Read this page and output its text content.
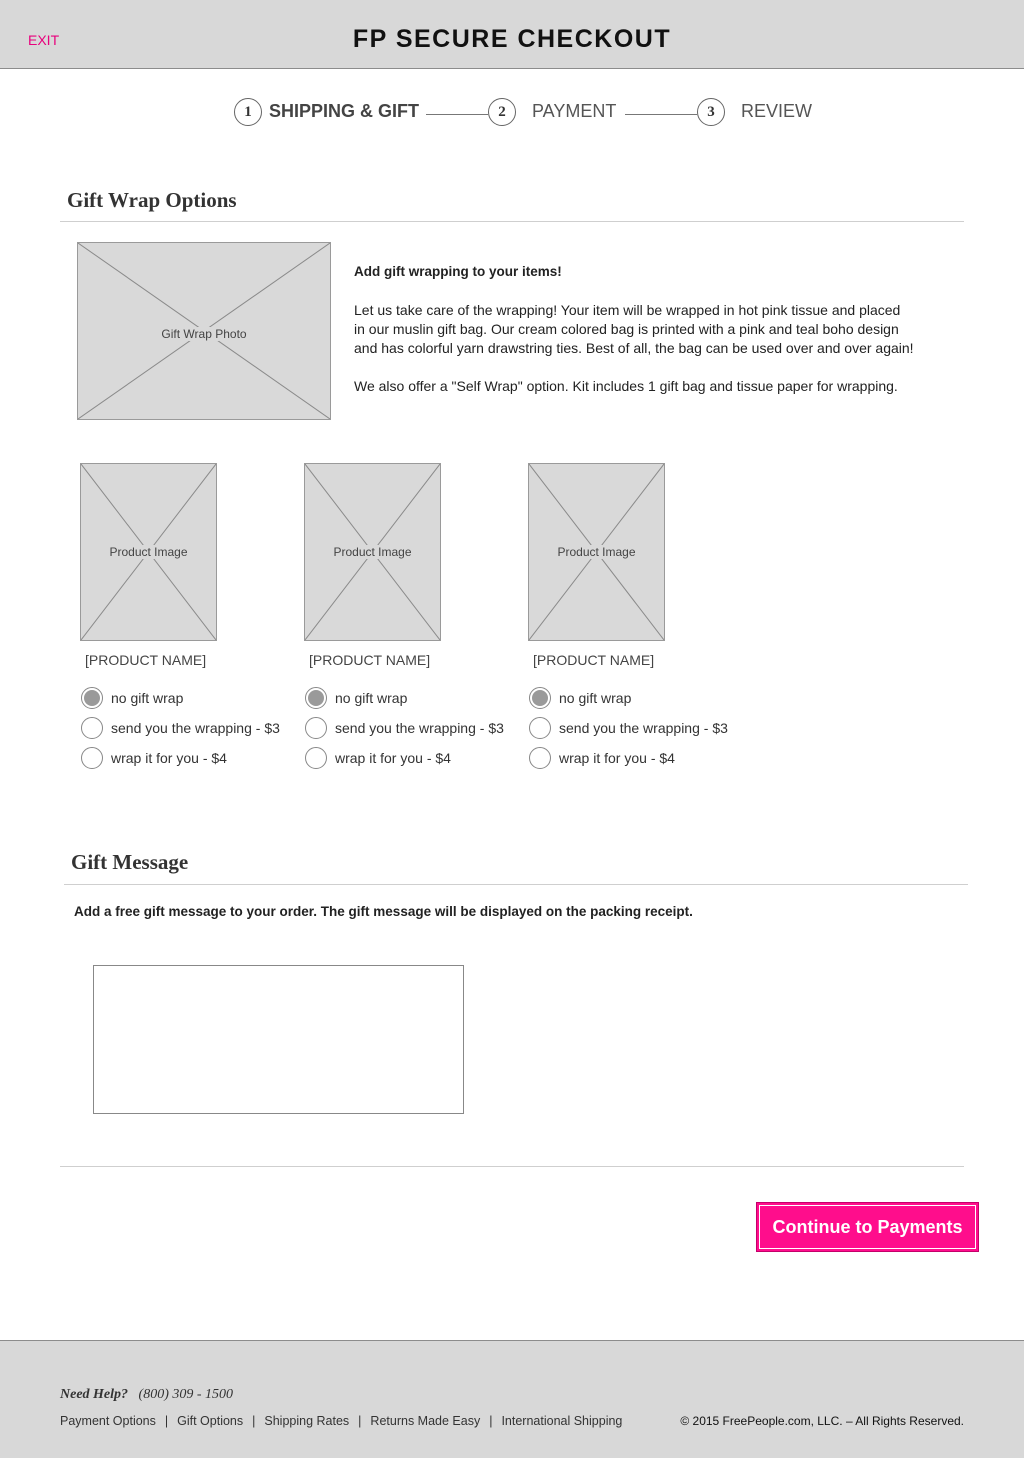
EXIT	FP SECURE CHECKOUT
1 SHIPPING & GIFT	2	PAYMENT	3	REVIEW
Gift Wrap Options
Gift Wrap Photo
Add gift wrapping to your items!
Let us take care of the wrapping! Your item will be wrapped in hot pink tissue and placed
in our muslin gift bag. Our cream colored bag is printed with a pink and teal boho design
and has colorful yarn drawstring ties. Best of all, the bag can be used over and over again!
We also offer a "Self Wrap" option. Kit includes 1 gift bag and tissue paper for wrapping.
Product Image
[PRODUCT NAME]
no gift wrap
send you the wrapping - $3
wrap it for you - $4
Product Image
[PRODUCT NAME]
no gift wrap
send you the wrapping - $3
wrap it for you - $4
Product Image
[PRODUCT NAME]
no gift wrap
send you the wrapping - $3
wrap it for you - $4
Gift Message
Add a free gift message to your order. The gift message will be displayed on the packing receipt.
Continue to Payments
Need Help? (800) 309 - 1500
Payment Options | Gift Options | Shipping Rates | Returns Made Easy | International Shipping	© 2015 FreePeople.com, LLC. – All Rights Reserved.
